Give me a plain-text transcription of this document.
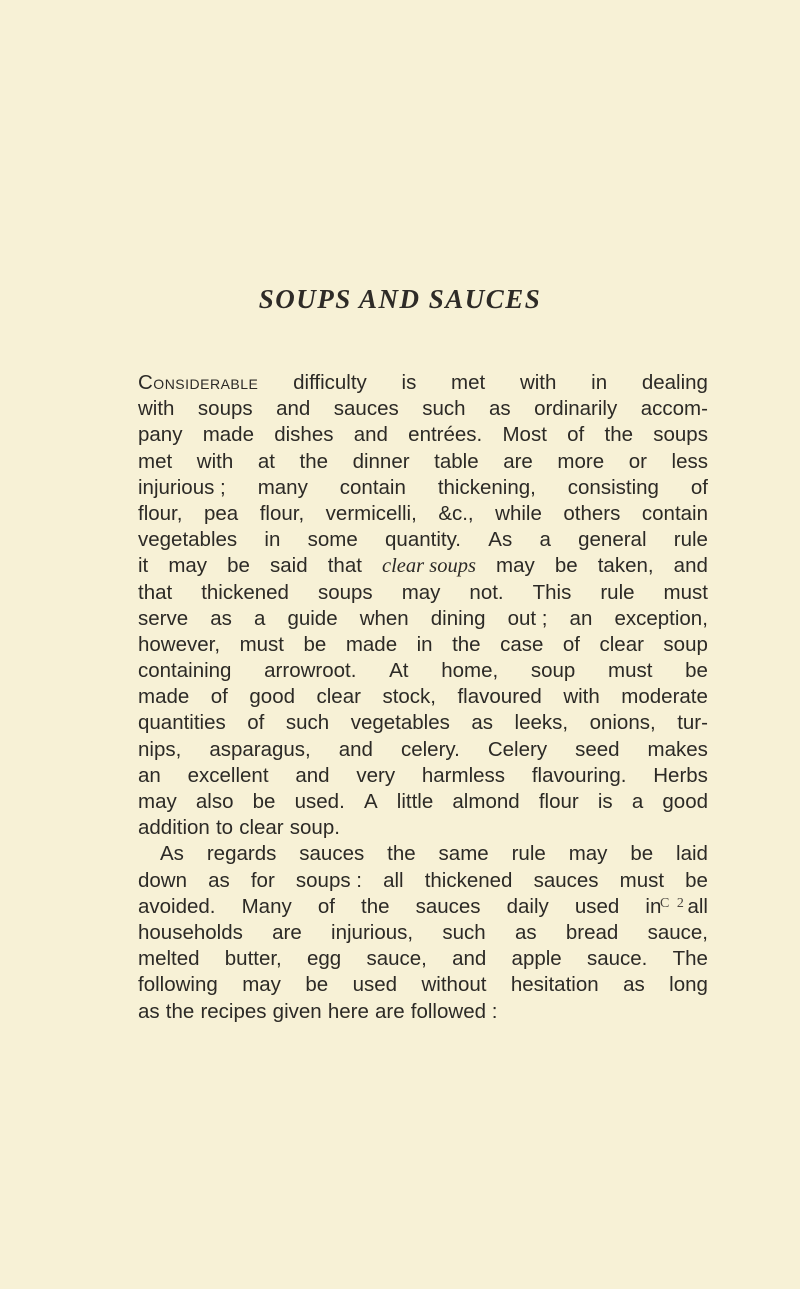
SOUPS AND SAUCES
Considerable difficulty is met with in dealing
with soups and sauces such as ordinarily accom-
pany made dishes and entrées. Most of the soups
met with at the dinner table are more or less
injurious ; many contain thickening, consisting of
flour, pea flour, vermicelli, &c., while others contain
vegetables in some quantity. As a general rule
it may be said that clear soups may be taken, and
that thickened soups may not. This rule must
serve as a guide when dining out ; an exception,
however, must be made in the case of clear soup
containing arrowroot. At home, soup must be
made of good clear stock, flavoured with moderate
quantities of such vegetables as leeks, onions, tur-
nips, asparagus, and celery. Celery seed makes
an excellent and very harmless flavouring. Herbs
may also be used. A little almond flour is a good
addition to clear soup.
As regards sauces the same rule may be laid
down as for soups : all thickened sauces must be
avoided. Many of the sauces daily used in all
households are injurious, such as bread sauce,
melted butter, egg sauce, and apple sauce. The
following may be used without hesitation as long
as the recipes given here are followed :
C 2
